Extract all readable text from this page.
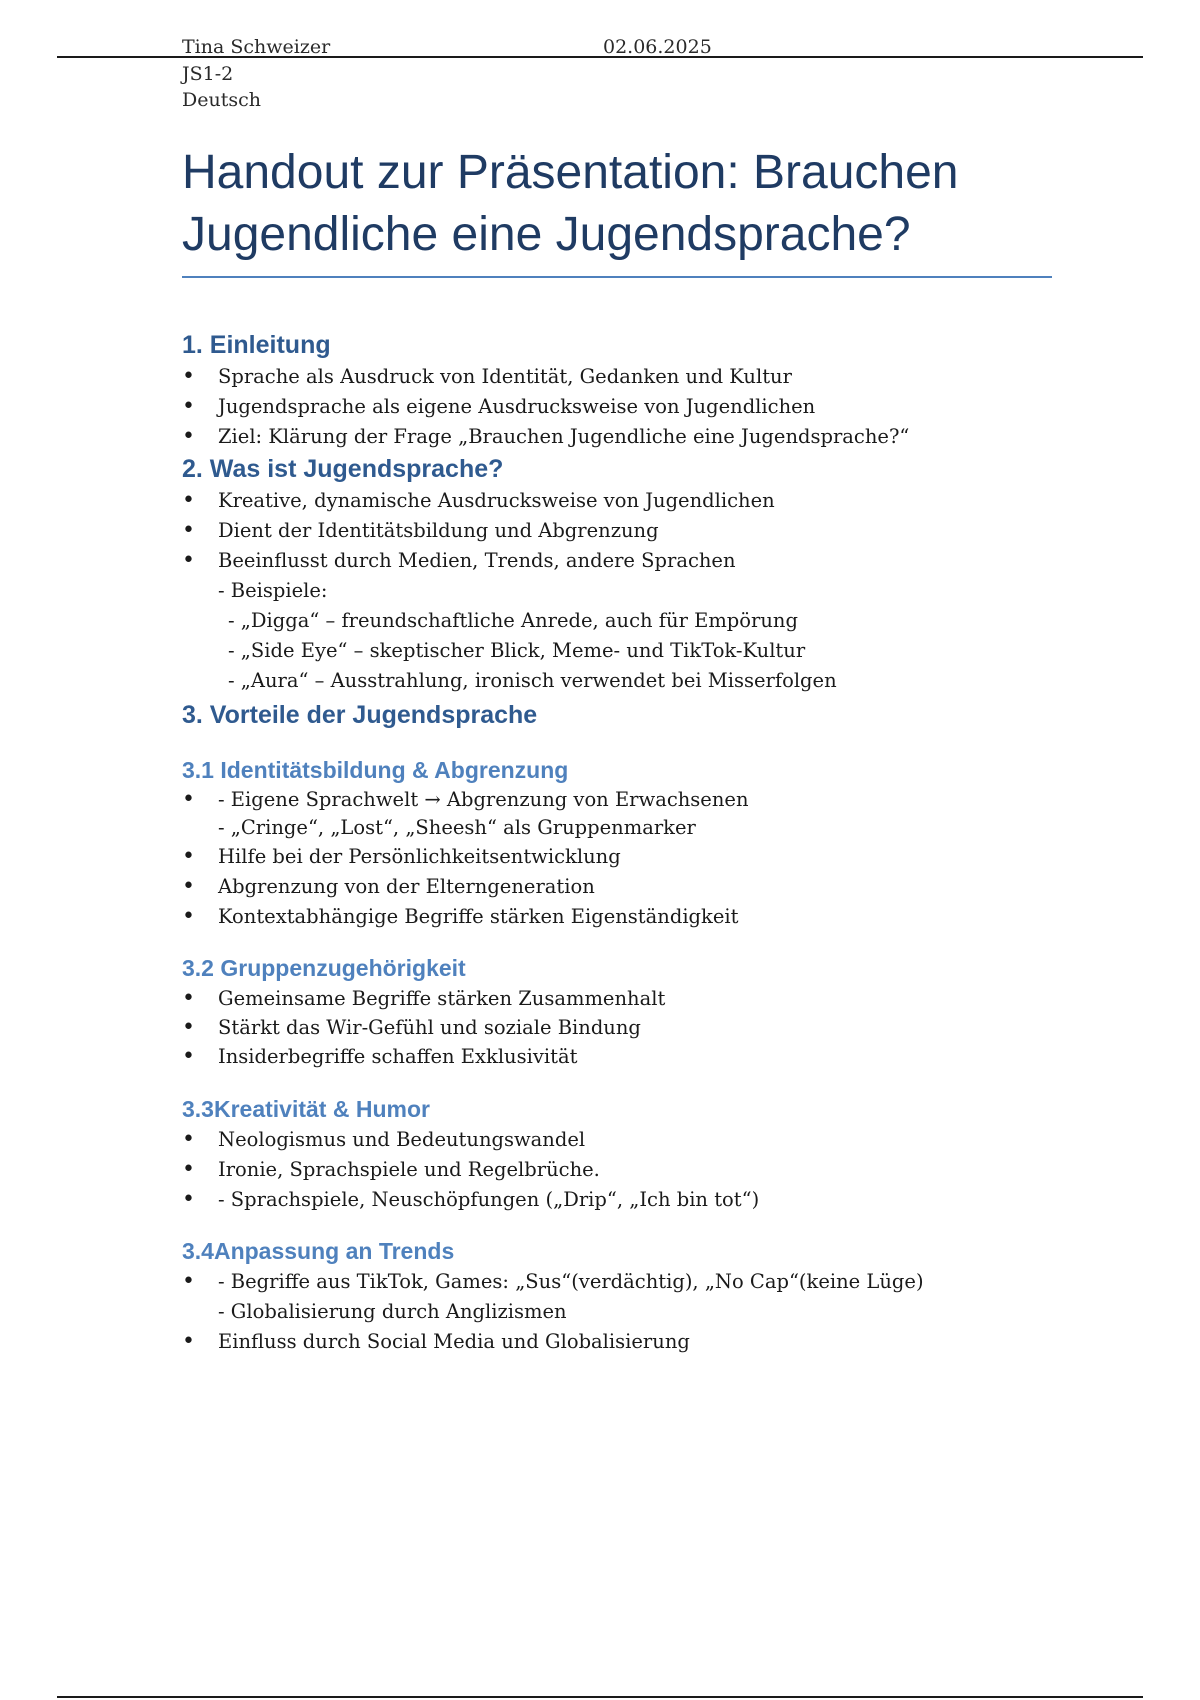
Tina Schweizer	02.06.2025
JS1-2
Deutsch
Handout zur Präsentation: Brauchen Jugendliche eine Jugendsprache?
1. Einleitung
• Sprache als Ausdruck von Identität, Gedanken und Kultur
• Jugendsprache als eigene Ausdrucksweise von Jugendlichen
• Ziel: Klärung der Frage „Brauchen Jugendliche eine Jugendsprache?“
2. Was ist Jugendsprache?
• Kreative, dynamische Ausdrucksweise von Jugendlichen
• Dient der Identitätsbildung und Abgrenzung
• Beeinflusst durch Medien, Trends, andere Sprachen
- Beispiele:
- „Digga“ – freundschaftliche Anrede, auch für Empörung
- „Side Eye“ – skeptischer Blick, Meme- und TikTok-Kultur
- „Aura“ – Ausstrahlung, ironisch verwendet bei Misserfolgen
3. Vorteile der Jugendsprache
3.1 Identitätsbildung & Abgrenzung
• - Eigene Sprachwelt → Abgrenzung von Erwachsenen
- „Cringe“, „Lost“, „Sheesh“ als Gruppenmarker
• Hilfe bei der Persönlichkeitsentwicklung
• Abgrenzung von der Elterngeneration
• Kontextabhängige Begriffe stärken Eigenständigkeit
3.2 Gruppenzugehörigkeit
• Gemeinsame Begriffe stärken Zusammenhalt
• Stärkt das Wir-Gefühl und soziale Bindung
• Insiderbegriffe schaffen Exklusivität
3.3Kreativität & Humor
• Neologismus und Bedeutungswandel
• Ironie, Sprachspiele und Regelbrüche.
• - Sprachspiele, Neuschöpfungen („Drip“, „Ich bin tot“)
3.4Anpassung an Trends
• - Begriffe aus TikTok, Games: „Sus“(verdächtig), „No Cap“(keine Lüge)
- Globalisierung durch Anglizismen
• Einfluss durch Social Media und Globalisierung
